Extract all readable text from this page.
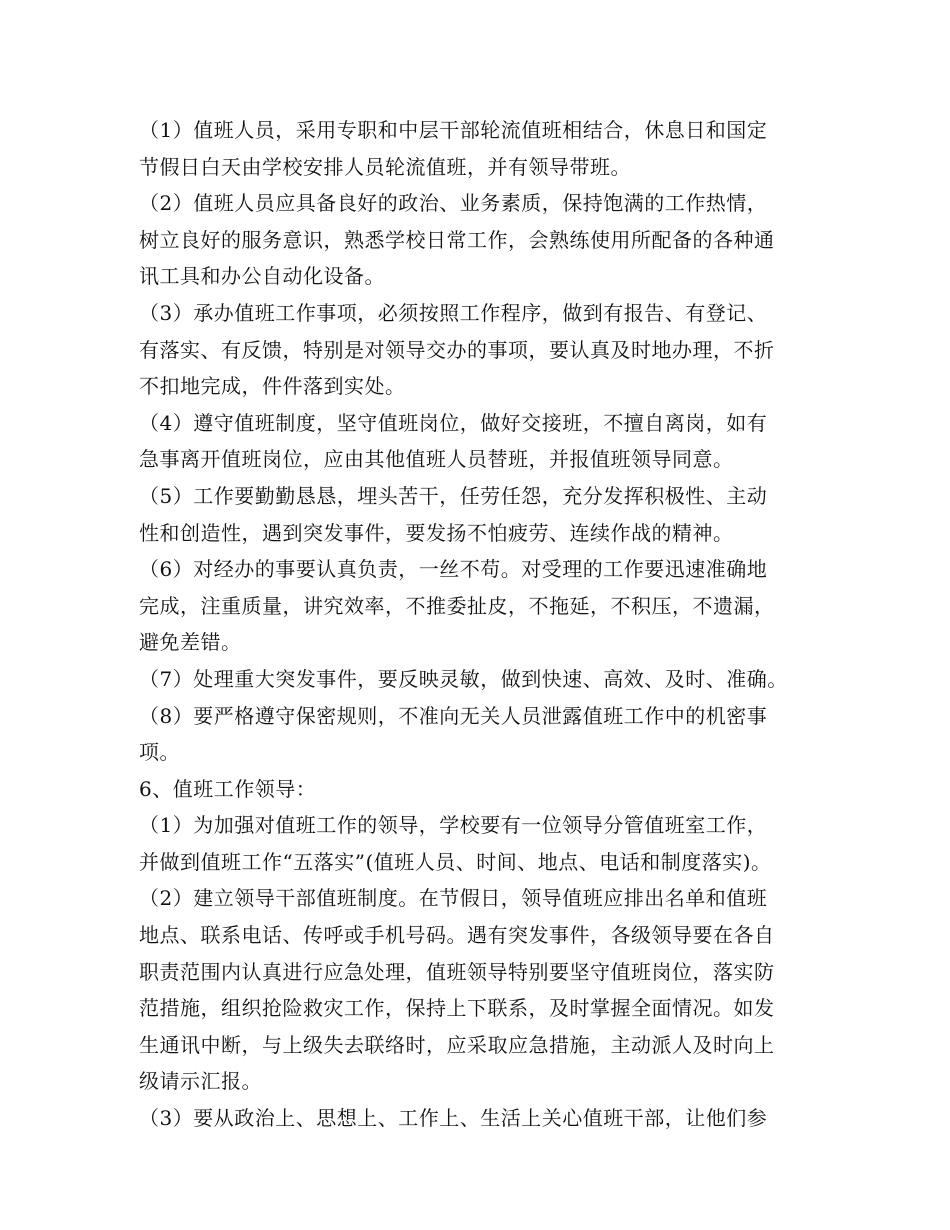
（1）值班人员，采用专职和中层干部轮流值班相结合，休息日和国定
节假日白天由学校安排人员轮流值班，并有领导带班。
（2）值班人员应具备良好的政治、业务素质，保持饱满的工作热情，
树立良好的服务意识，熟悉学校日常工作，会熟练使用所配备的各种通
讯工具和办公自动化设备。
（3）承办值班工作事项，必须按照工作程序，做到有报告、有登记、
有落实、有反馈，特别是对领导交办的事项，要认真及时地办理，不折
不扣地完成，件件落到实处。
（4）遵守值班制度，坚守值班岗位，做好交接班，不擅自离岗，如有
急事离开值班岗位，应由其他值班人员替班，并报值班领导同意。
（5）工作要勤勤恳恳，埋头苦干，任劳任怨，充分发挥积极性、主动
性和创造性，遇到突发事件，要发扬不怕疲劳、连续作战的精神。
（6）对经办的事要认真负责，一丝不苟。对受理的工作要迅速准确地
完成，注重质量，讲究效率，不推委扯皮，不拖延，不积压，不遗漏，
避免差错。
（7）处理重大突发事件，要反映灵敏，做到快速、高效、及时、准确。
（8）要严格遵守保密规则，不准向无关人员泄露值班工作中的机密事
项。
6、值班工作领导：
（1）为加强对值班工作的领导，学校要有一位领导分管值班室工作，
并做到值班工作“五落实”(值班人员、时间、地点、电话和制度落实)。
（2）建立领导干部值班制度。在节假日，领导值班应排出名单和值班
地点、联系电话、传呼或手机号码。遇有突发事件，各级领导要在各自
职责范围内认真进行应急处理，值班领导特别要坚守值班岗位，落实防
范措施，组织抢险救灾工作，保持上下联系，及时掌握全面情况。如发
生通讯中断，与上级失去联络时，应采取应急措施，主动派人及时向上
级请示汇报。
（3）要从政治上、思想上、工作上、生活上关心值班干部，让他们参
